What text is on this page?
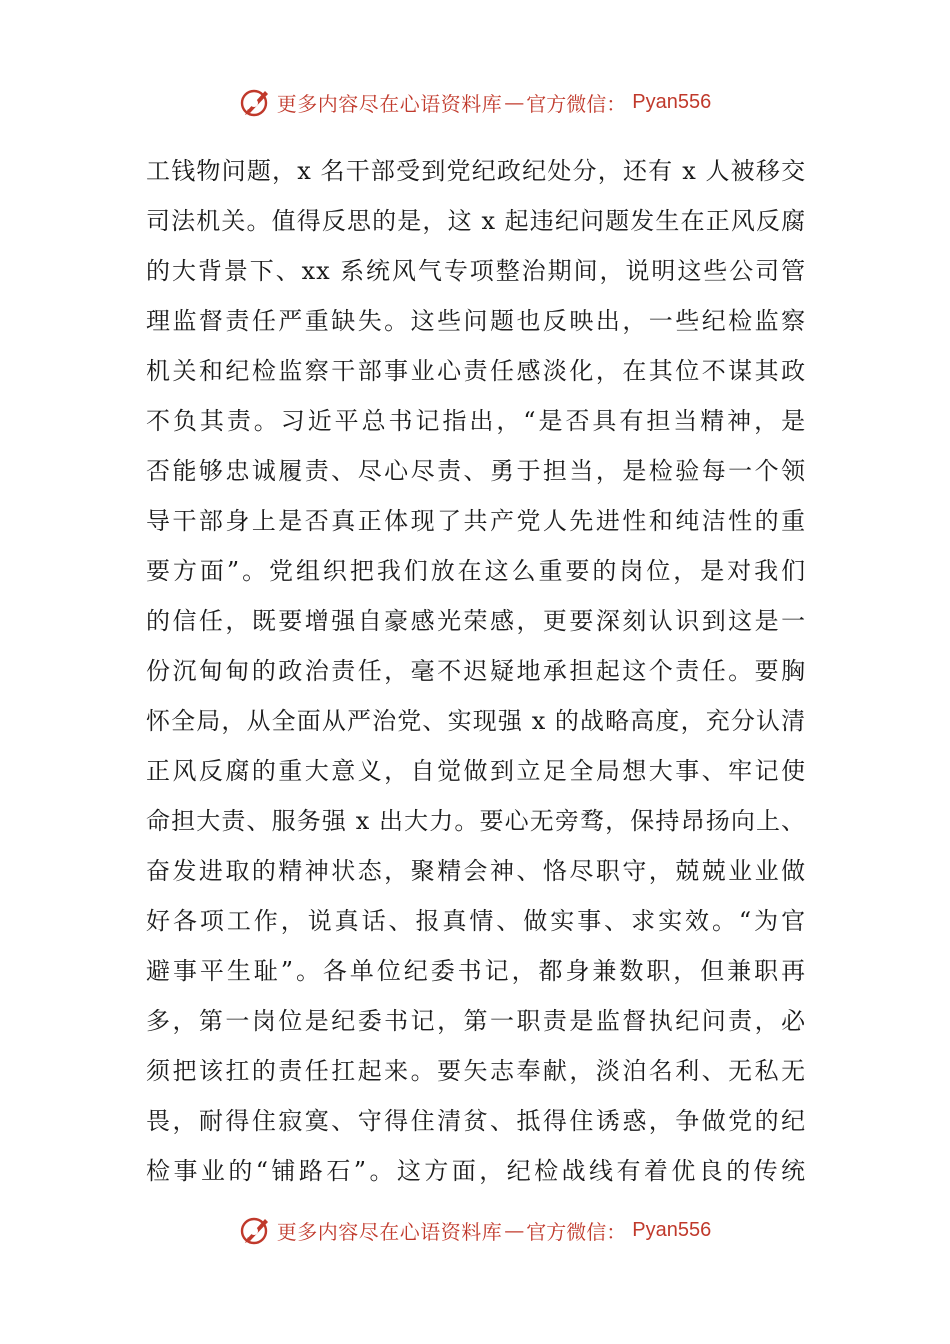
更多内容尽在心语资料库 — 官方微信： Pyan556
工钱物问题，x 名干部受到党纪政纪处分，还有 x 人被移交
司法机关。值得反思的是，这 x 起违纪问题发生在正风反腐
的大背景下、xx 系统风气专项整治期间，说明这些公司管
理监督责任严重缺失。这些问题也反映出，一些纪检监察
机关和纪检监察干部事业心责任感淡化，在其位不谋其政
不负其责。习近平总书记指出，“是否具有担当精神，是
否能够忠诚履责、尽心尽责、勇于担当，是检验每一个领
导干部身上是否真正体现了共产党人先进性和纯洁性的重
要方面”。党组织把我们放在这么重要的岗位，是对我们
的信任，既要增强自豪感光荣感，更要深刻认识到这是一
份沉甸甸的政治责任，毫不迟疑地承担起这个责任。要胸
怀全局，从全面从严治党、实现强 x 的战略高度，充分认清
正风反腐的重大意义，自觉做到立足全局想大事、牢记使
命担大责、服务强 x 出大力。要心无旁骛，保持昂扬向上、
奋发进取的精神状态，聚精会神、恪尽职守，兢兢业业做
好各项工作，说真话、报真情、做实事、求实效。“为官
避事平生耻”。各单位纪委书记，都身兼数职，但兼职再
多，第一岗位是纪委书记，第一职责是监督执纪问责，必
须把该扛的责任扛起来。要矢志奉献，淡泊名利、无私无
畏，耐得住寂寞、守得住清贫、抵得住诱惑，争做党的纪
检事业的“铺路石”。这方面，纪检战线有着优良的传统
更多内容尽在心语资料库 — 官方微信： Pyan556
